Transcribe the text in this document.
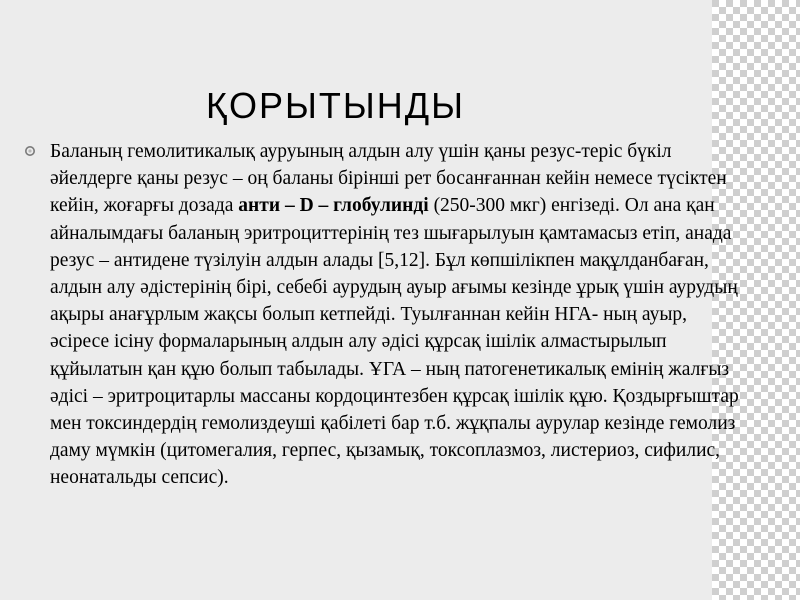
ҚОРЫТЫНДЫ

Баланың гемолитикалық ауруының алдын алу үшін қаны резус-теріс бүкіл әйелдерге қаны резус – оң баланы бірінші рет босанғаннан кейін немесе түсіктен кейін, жоғарғы дозада анти – D – глобулинді (250-300 мкг) енгізеді. Ол ана қан айналымдағы баланың эритроциттерінің тез шығарылуын қамтамасыз етіп, анада резус – антидене түзілуін алдын алады [5,12]. Бұл көпшілікпен мақұлданбаған, алдын алу әдістерінің бірі, себебі аурудың ауыр ағымы кезінде ұрық үшін аурудың ақыры анағұрлым жақсы болып кетпейді. Туылғаннан кейін НГА- ның ауыр, әсіресе ісіну формаларының алдын алу әдісі құрсақ ішілік алмастырылып құйылатын қан құю болып табылады. ҰГА – ның патогенетикалық емінің жалғыз әдісі – эритроцитарлы массаны кордоцинтезбен құрсақ ішілік құю. Қоздырғыштар мен токсиндердің гемолиздеуші қабілеті бар т.б. жұқпалы аурулар кезінде гемолиз даму мүмкін (цитомегалия, герпес, қызамық, токсоплазмоз, листериоз, сифилис, неонатальды сепсис).
